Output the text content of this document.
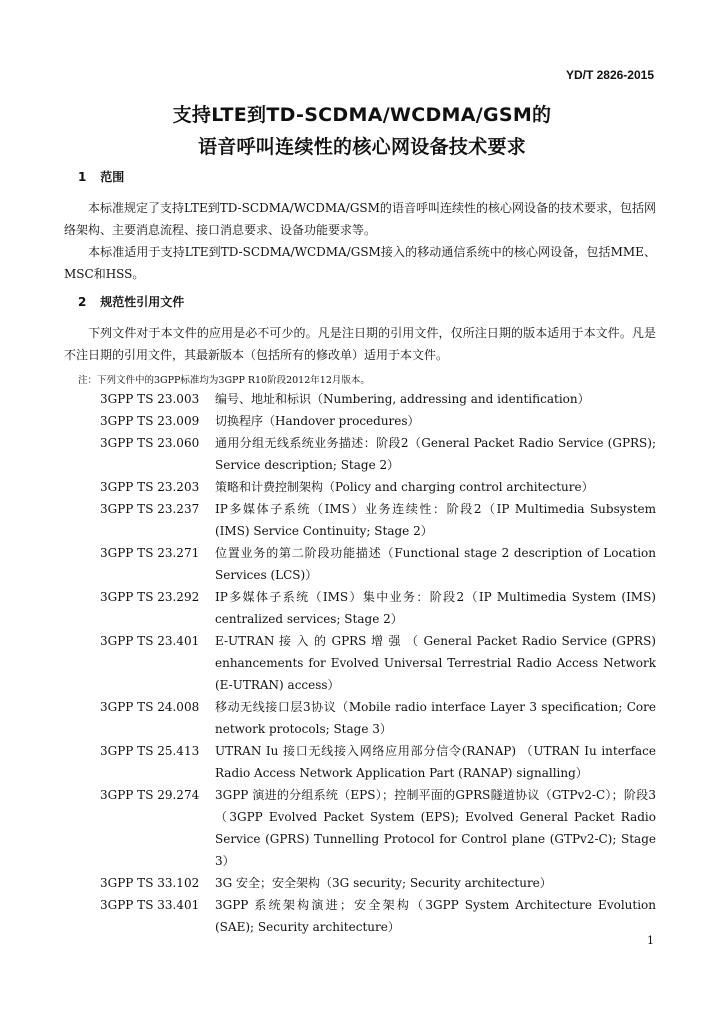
YD/T 2826-2015
支持LTE到TD-SCDMA/WCDMA/GSM的
语音呼叫连续性的核心网设备技术要求
1 范围

本标准规定了支持LTE到TD-SCDMA/WCDMA/GSM的语音呼叫连续性的核心网设备的技术要求，包括网络架构、主要消息流程、接口消息要求、设备功能要求等。

本标准适用于支持LTE到TD-SCDMA/WCDMA/GSM接入的移动通信系统中的核心网设备，包括MME、MSC和HSS。

2 规范性引用文件

下列文件对于本文件的应用是必不可少的。凡是注日期的引用文件，仅所注日期的版本适用于本文件。凡是不注日期的引用文件，其最新版本（包括所有的修改单）适用于本文件。

注：下列文件中的3GPP标准均为3GPP R10阶段2012年12月版本。
3GPP TS 23.003	编号、地址和标识（Numbering, addressing and identification）
3GPP TS 23.009	切换程序（Handover procedures）
3GPP TS 23.060	通用分组无线系统业务描述：阶段2（General Packet Radio Service (GPRS); Service description; Stage 2）
3GPP TS 23.203	策略和计费控制架构（Policy and charging control architecture）
3GPP TS 23.237	IP多媒体子系统（IMS）业务连续性：阶段2（IP Multimedia Subsystem (IMS) Service Continuity; Stage 2）
3GPP TS 23.271	位置业务的第二阶段功能描述（Functional stage 2 description of Location Services (LCS)）
3GPP TS 23.292	IP多媒体子系统（IMS）集中业务：阶段2（IP Multimedia System (IMS) centralized services; Stage 2）
3GPP TS 23.401	E-UTRAN 接 入 的 GPRS 增 强 （ General Packet Radio Service (GPRS) enhancements for Evolved Universal Terrestrial Radio Access Network (E-UTRAN) access）
3GPP TS 24.008	移动无线接口层3协议（Mobile radio interface Layer 3 specification; Core network protocols; Stage 3）
3GPP TS 25.413	UTRAN Iu 接口无线接入网络应用部分信令(RANAP) （UTRAN Iu interface Radio Access Network Application Part (RANAP) signalling）
3GPP TS 29.274	3GPP 演进的分组系统（EPS）；控制平面的GPRS隧道协议（GTPv2-C）；阶段3（3GPP Evolved Packet System (EPS); Evolved General Packet Radio Service (GPRS) Tunnelling Protocol for Control plane (GTPv2-C); Stage 3）
3GPP TS 33.102	3G 安全；安全架构（3G security; Security architecture）
3GPP TS 33.401	3GPP 系统架构演进；安全架构（3GPP System Architecture Evolution (SAE); Security architecture）
1
